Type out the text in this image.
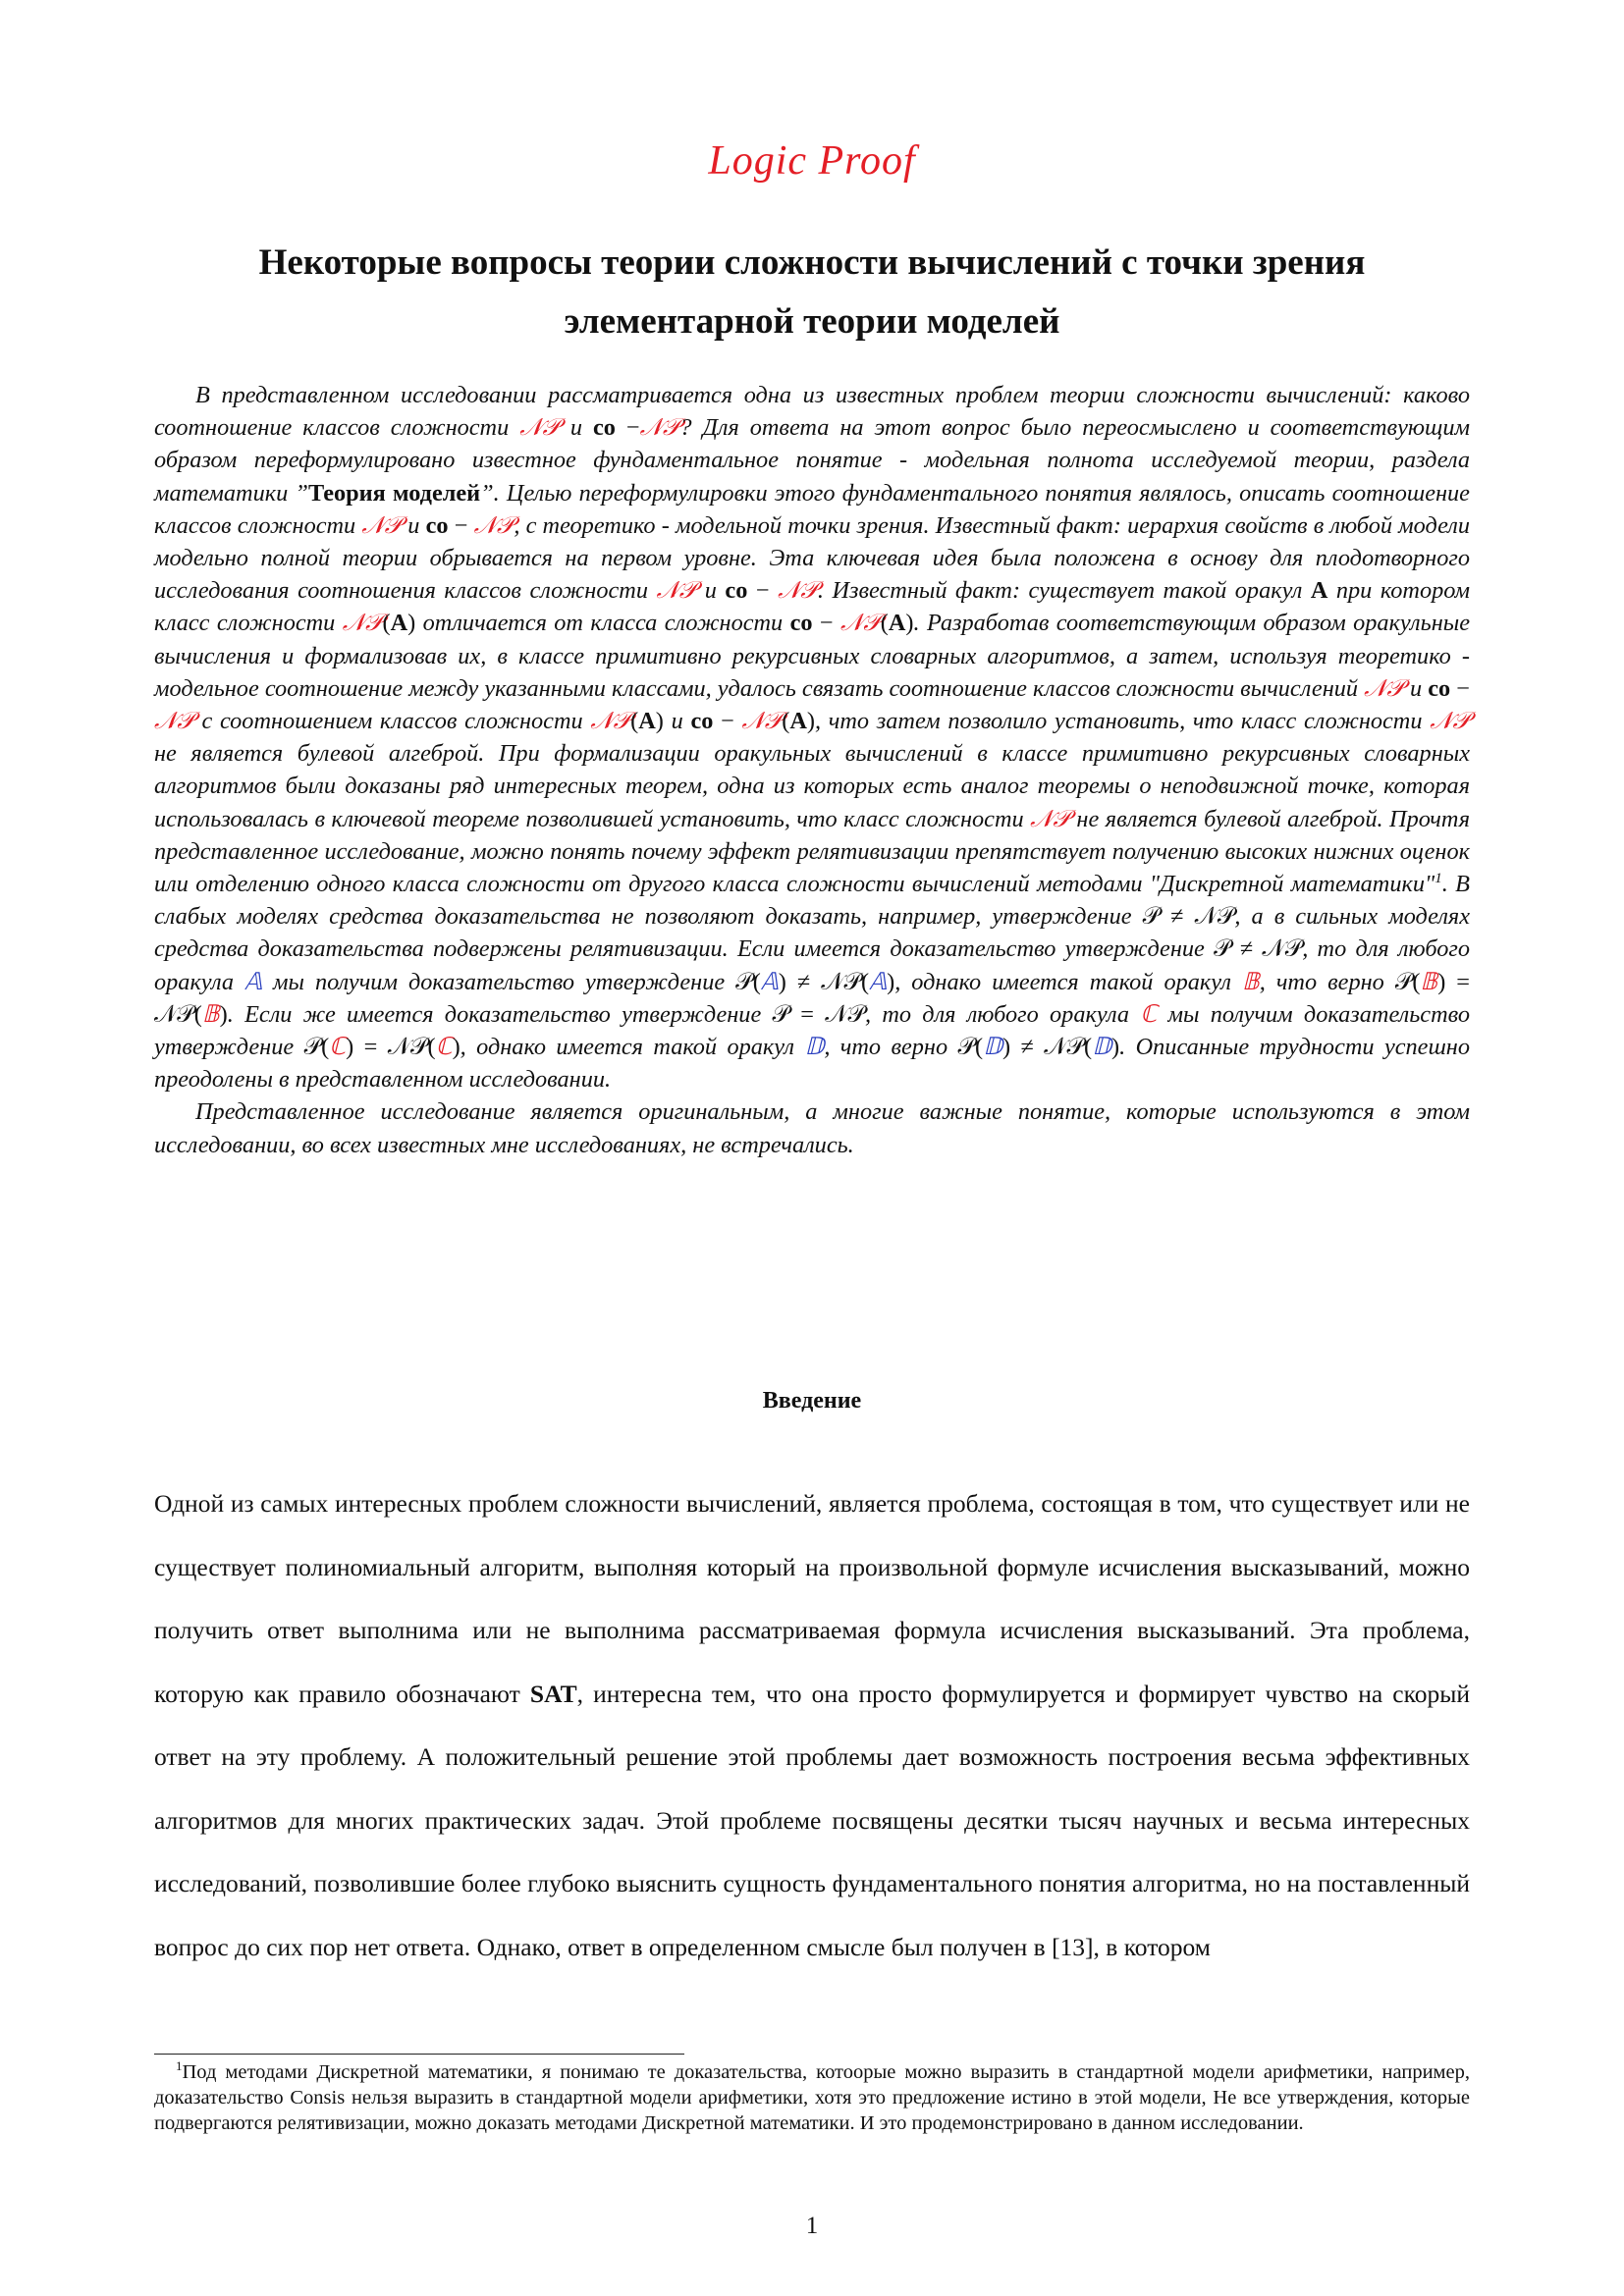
Logic Proof
Некоторые вопросы теории сложности вычислений с точки зрения элементарной теории моделей

В представленном исследовании рассматривается одна из известных проблем теории сложности вычислений: каково соотношение классов сложности 𝒩𝒫 и co −𝒩𝒫? Для ответа на этот вопрос было переосмыслено и соответствующим образом переформулировано известное фундаментальное понятие - модельная полнота исследуемой теории, раздела математики ”Теория моделей”. Целью переформулировки этого фундаментального понятия являлось, описать соотношение классов сложности 𝒩𝒫 и co − 𝒩𝒫, с теоретико - модельной точки зрения. Известный факт: иерархия свойств в любой модели модельно полной теории обрывается на первом уровне. Эта ключевая идея была положена в основу для плодотворного исследования соотношения классов сложности 𝒩𝒫 и co − 𝒩𝒫. Известный факт: существует такой оракул A при котором класс сложности 𝒩𝒫(A) отличается от класса сложности co − 𝒩𝒫(A). Разработав соответствующим образом оракульные вычисления и формализовав их, в классе примитивно рекурсивных словарных алгоритмов, а затем, используя теоретико - модельное соотношение между указанными классами, удалось связать соотношение классов сложности вычислений 𝒩𝒫 и co − 𝒩𝒫 с соотношением классов сложности 𝒩𝒫(A) и co − 𝒩𝒫(A), что затем позволило установить, что класс сложности 𝒩𝒫 не является булевой алгеброй. При формализации оракульных вычислений в классе примитивно рекурсивных словарных алгоритмов были доказаны ряд интересных теорем, одна из которых есть аналог теоремы о неподвижной точке, которая использовалась в ключевой теореме позволившей установить, что класс сложности 𝒩𝒫 не является булевой алгеброй. Прочтя представленное исследование, можно понять почему эффект релятивизации препятствует получению высоких нижних оценок или отделению одного класса сложности от другого класса сложности вычислений методами "Дискретной математики"$^1$. В слабых моделях средства доказательства не позволяют доказать, например, утверждение 𝒫 ≠ 𝒩𝒫, а в сильных моделях средства доказательства подвержены релятивизации. Если имеется доказательство утверждение 𝒫 ≠ 𝒩𝒫, то для любого оракула 𝔸 мы получим доказательство утверждение 𝒫(𝔸) ≠ 𝒩𝒫(𝔸), однако имеется такой оракул 𝔹, что верно 𝒫(𝔹) = 𝒩𝒫(𝔹). Если же имеется доказательство утверждение 𝒫 = 𝒩𝒫, то для любого оракула ℂ мы получим доказательство утверждение 𝒫(ℂ) = 𝒩𝒫(ℂ), однако имеется такой оракул 𝔻, что верно 𝒫(𝔻) ≠ 𝒩𝒫(𝔻). Описанные трудности успешно преодолены в представленном исследовании.

Представленное исследование является оригинальным, а многие важные понятие, которые используются в этом исследовании, во всех известных мне исследованиях, не встречались.

Введение

Одной из самых интересных проблем сложности вычислений, является проблема, состоящая в том, что существует или не существует полиномиальный алгоритм, выполняя который на произвольной формуле исчисления высказываний, можно получить ответ выполнима или не выполнима рассматриваемая формула исчисления высказываний. Эта проблема, которую как правило обозначают SAT, интересна тем, что она просто формулируется и формирует чувство на скорый ответ на эту проблему. А положительный решение этой проблемы дает возможность построения весьма эффективных алгоритмов для многих практических задач. Этой проблеме посвящены десятки тысяч научных и весьма интересных исследований, позволившие более глубоко выяснить сущность фундаментального понятия алгоритма, но на поставленный вопрос до сих пор нет ответа. Однако, ответ в определенном смысле был получен в [13], в котором

$^1$Под методами Дискретной математики, я понимаю те доказательства, котоорые можно выразить в стандартной модели арифметики, например, доказательство Consis нельзя выразить в стандартной модели арифметики, хотя это предложение истино в этой модели, Не все утверждения, которые подвергаются релятивизации, можно доказать методами Дискретной математики. И это продемонстрировано в данном исследовании.

1
